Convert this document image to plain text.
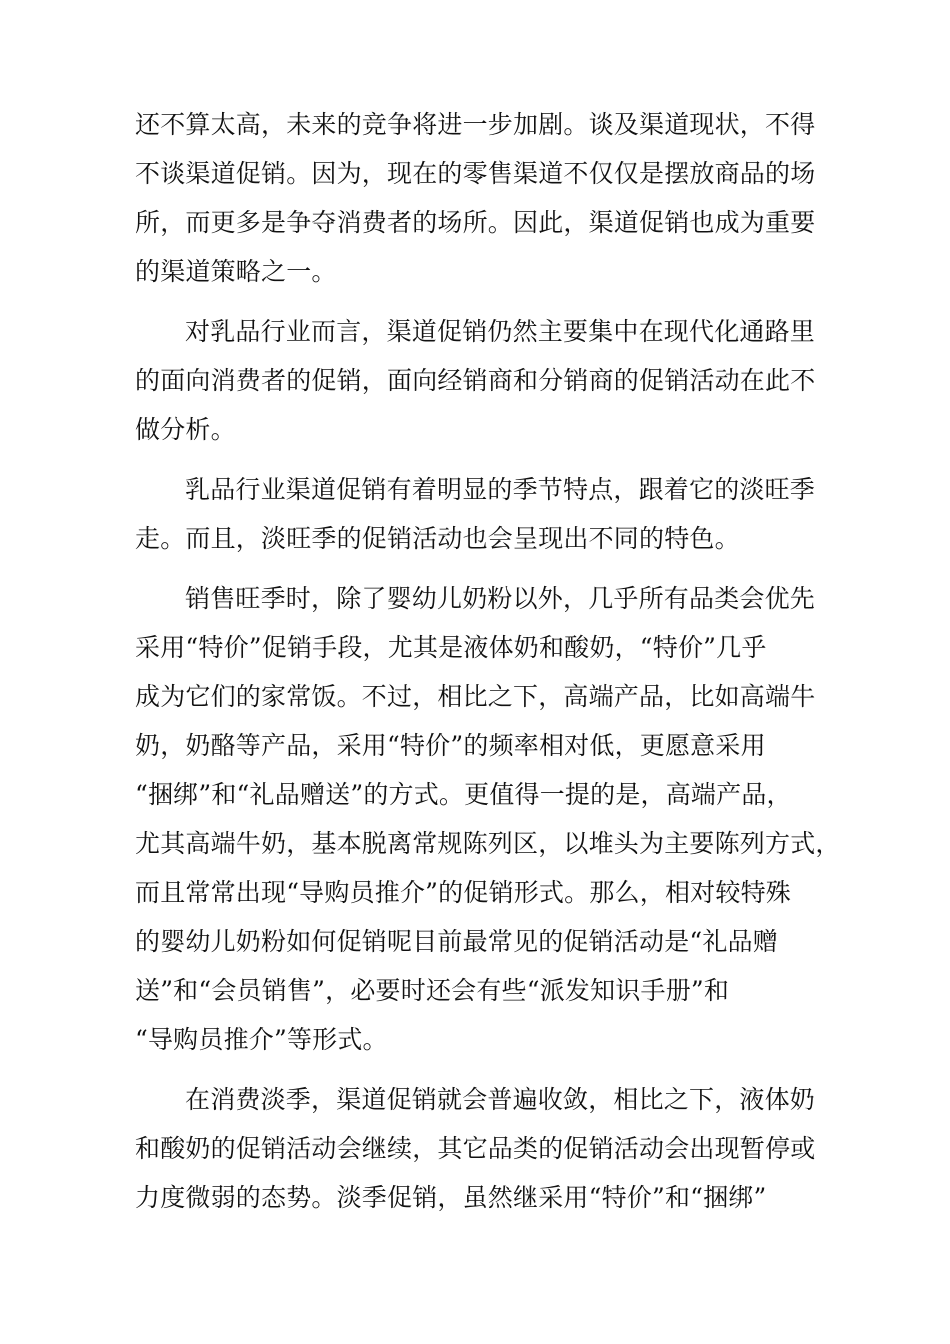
还不算太高，未来的竞争将进一步加剧。谈及渠道现状，不得
不谈渠道促销。因为，现在的零售渠道不仅仅是摆放商品的场
所，而更多是争夺消费者的场所。因此，渠道促销也成为重要
的渠道策略之一。
对乳品行业而言，渠道促销仍然主要集中在现代化通路里
的面向消费者的促销，面向经销商和分销商的促销活动在此不
做分析。
乳品行业渠道促销有着明显的季节特点，跟着它的淡旺季
走。而且，淡旺季的促销活动也会呈现出不同的特色。
销售旺季时，除了婴幼儿奶粉以外，几乎所有品类会优先
采用“特价”促销手段，尤其是液体奶和酸奶，“特价”几乎
成为它们的家常饭。不过，相比之下，高端产品，比如高端牛
奶，奶酪等产品，采用“特价”的频率相对低，更愿意采用
“捆绑”和“礼品赠送”的方式。更值得一提的是，高端产品，
尤其高端牛奶，基本脱离常规陈列区，以堆头为主要陈列方式，
而且常常出现“导购员推介”的促销形式。那么，相对较特殊
的婴幼儿奶粉如何促销呢目前最常见的促销活动是“礼品赠
送”和“会员销售”，必要时还会有些“派发知识手册”和
“导购员推介”等形式。
在消费淡季，渠道促销就会普遍收敛，相比之下，液体奶
和酸奶的促销活动会继续，其它品类的促销活动会出现暂停或
力度微弱的态势。淡季促销，虽然继采用“特价”和“捆绑”
